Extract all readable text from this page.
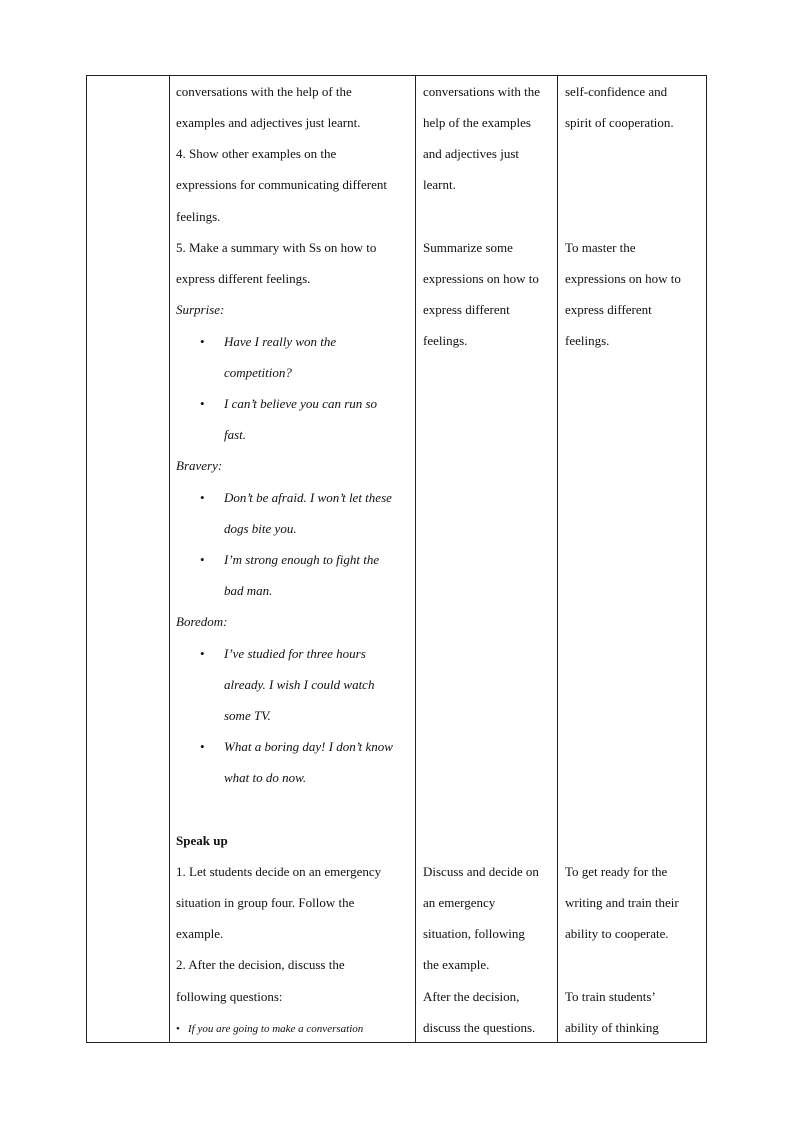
conversations with the help of the
examples and adjectives just learnt.
4. Show other examples on the
expressions for communicating different
feelings.
5. Make a summary with Ss on how to
express different feelings.
Surprise:
• Have I really won the
competition?
• I can’t believe you can run so
fast.
Bravery:
• Don’t be afraid. I won’t let these
dogs bite you.
• I’m strong enough to fight the
bad man.
Boredom:
• I’ve studied for three hours
already. I wish I could watch
some TV.
• What a boring day! I don’t know
what to do now.
Speak up
1. Let students decide on an emergency
situation in group four. Follow the
example.
2. After the decision, discuss the
following questions:
• If you are going to make a conversation
conversations with the
help of the examples
and adjectives just
learnt.
Summarize some
expressions on how to
express different
feelings.
Discuss and decide on
an emergency
situation, following
the example.
After the decision,
discuss the questions.
self-confidence and
spirit of cooperation.
To master the
expressions on how to
express different
feelings.
To get ready for the
writing and train their
ability to cooperate.
To train students’
ability of thinking
